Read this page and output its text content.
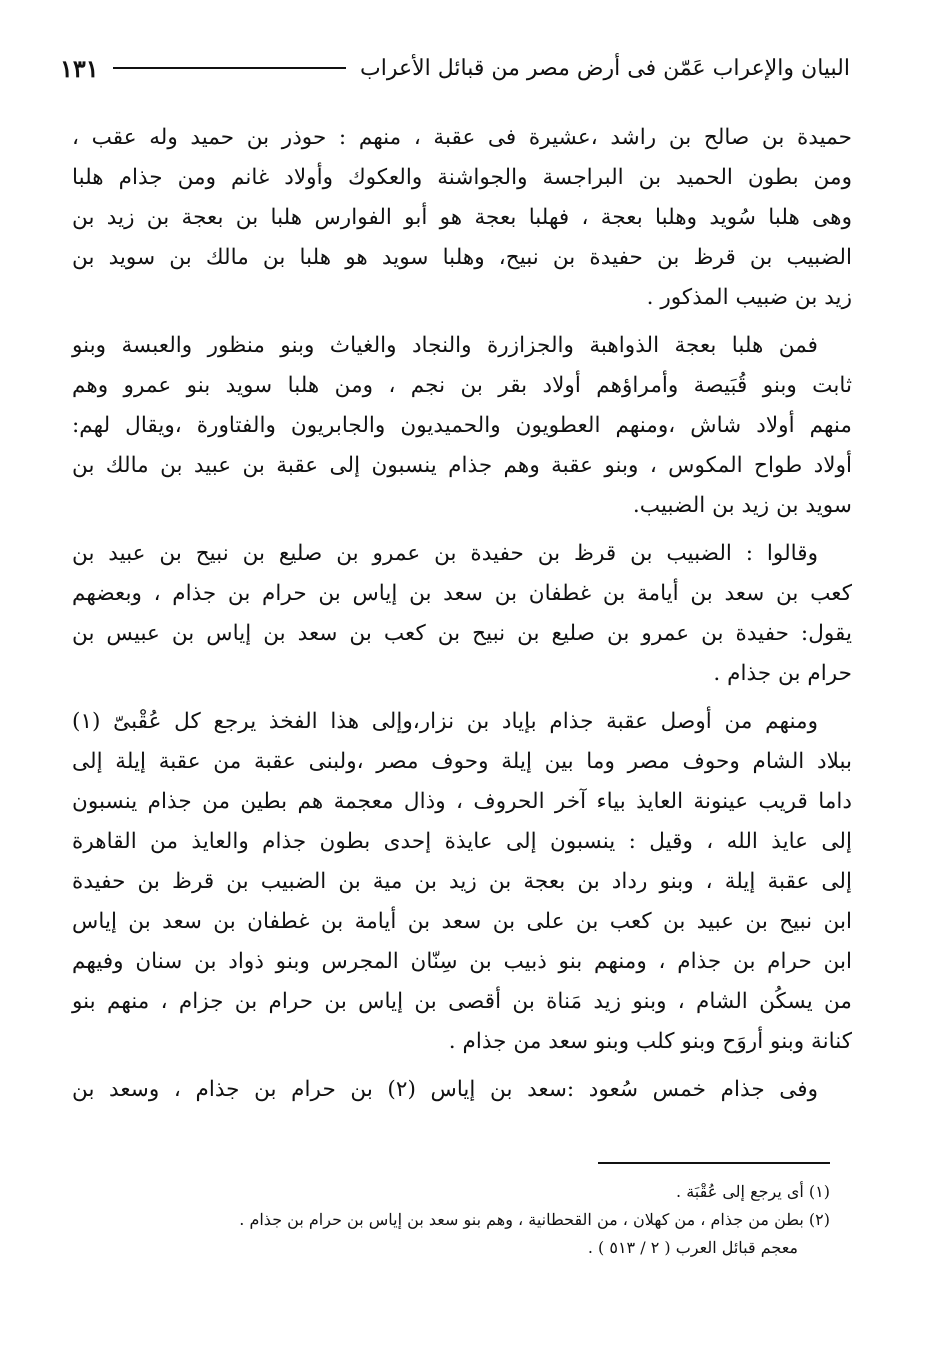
البيان والإعراب عَمّن فى أرض مصر من قبائل الأعراب
١٣١

حميدة بن صالح بن راشد ،عشيرة فى عقبة ، منهم : حوذر بن حميد وله عقب ،
ومن بطون الحميد بن البراجسة والجواشنة والعكوك وأولاد غانم ومن جذام هلبا
وهى هلبا سُويد وهلبا بعجة ، فهلبا بعجة هو أبو الفوارس هلبا بن بعجة بن زيد بن
الضبيب بن قرظ بن حفيدة بن نبيح، وهلبا سويد هو هلبا بن مالك بن سويد بن
زيد بن ضبيب المذكور .

فمن هلبا بعجة الذواهبة والجزازرة والنجاد والغياث وبنو منظور والعبسة وبنو
ثابت وبنو قُبَيصة وأمراؤهم أولاد بقر بن نجم ، ومن هلبا سويد بنو عمرو وهم
منهم أولاد شاش ،ومنهم العطويون والحميديون والجابريون والفتاورة ،ويقال لهم:
أولاد طواح المكوس ، وبنو عقبة وهم جذام ينسبون إلى عقبة بن عبيد بن مالك بن
سويد بن زيد بن الضبيب.

وقالوا : الضبيب بن قرظ بن حفيدة بن عمرو بن صليع بن نبيح بن عبيد بن
كعب بن سعد بن أيامة بن غطفان بن سعد بن إياس بن حرام بن جذام ، وبعضهم
يقول: حفيدة بن عمرو بن صليع بن نبيح بن كعب بن سعد بن إياس بن عبيس بن
حرام بن جذام .

ومنهم من أوصل عقبة جذام بإياد بن نزار،وإلى هذا الفخذ يرجع كل عُقْبىّ (١)
ببلاد الشام وحوف مصر وما بين إيلة وحوف مصر ،ولبنى عقبة من عقبة إيلة إلى
داما قريب عينونة العايذ بياء آخر الحروف ، وذال معجمة هم بطين من جذام ينسبون
إلى عايذ الله ، وقيل : ينسبون إلى عايذة إحدى بطون جذام والعايذ من القاهرة
إلى عقبة إيلة ، وبنو رداد بن بعجة بن زيد بن مية بن الضبيب بن قرظ بن حفيدة
ابن نبيح بن عبيد بن كعب بن على بن سعد بن أيامة بن غطفان بن سعد بن إياس
ابن حرام بن جذام ، ومنهم بنو ذبيب بن سِنّان المجرس وبنو ذواد بن سنان وفيهم
من يسكُن الشام ، وبنو زيد مَناة بن أقصى بن إياس بن حرام بن جزام ، منهم بنو
كنانة وبنو أروَح وبنو كلب وبنو سعد من جذام .

وفى جذام خمس سُعود :سعد بن إياس (٢) بن حرام بن جذام ، وسعد بن

(١) أى يرجع إلى عُقْبَة .
(٢) بطن من جذام ، من كهلان ، من القحطانية ، وهم بنو سعد بن إياس بن حرام بن جذام .
معجم قبائل العرب ( ٢ / ٥١٣ ) .
